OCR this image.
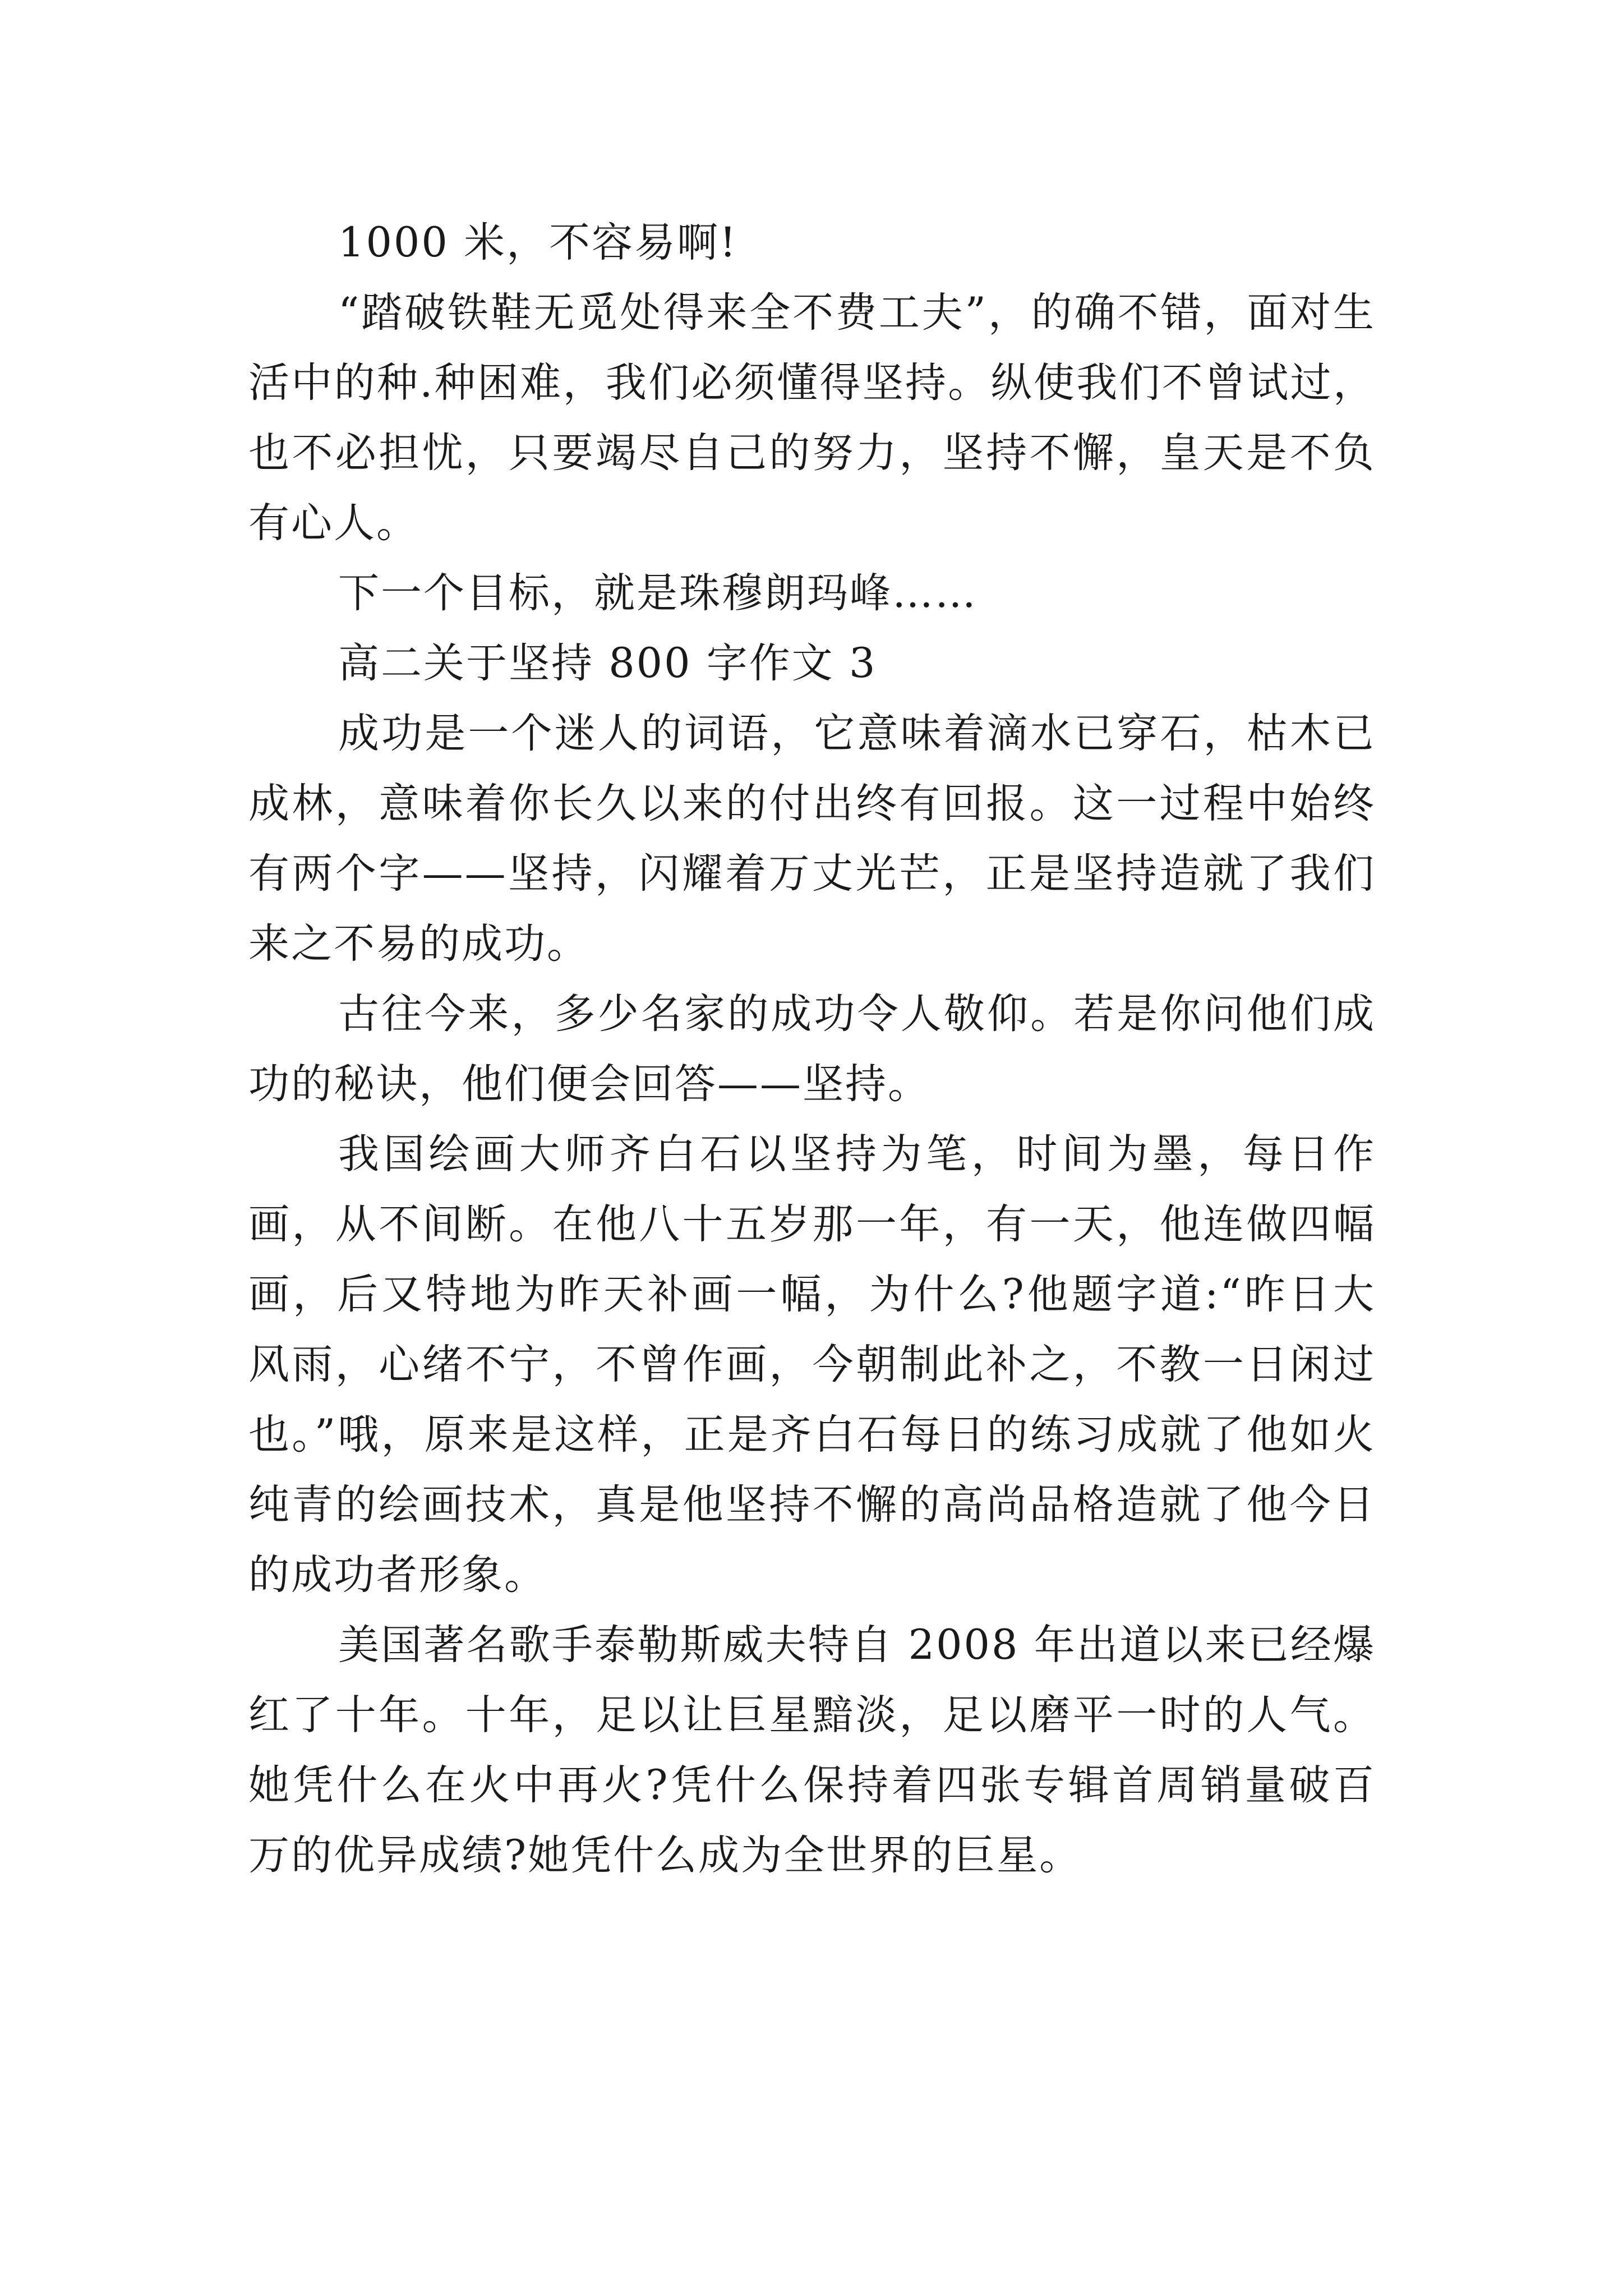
1000 米，不容易啊!

“踏破铁鞋无觅处得来全不费工夫”，的确不错，面对生活中的种.种困难，我们必须懂得坚持。纵使我们不曾试过，也不必担忧，只要竭尽自己的努力，坚持不懈，皇天是不负有心人。

下一个目标，就是珠穆朗玛峰……

高二关于坚持 800 字作文 3

成功是一个迷人的词语，它意味着滴水已穿石，枯木已成林，意味着你长久以来的付出终有回报。这一过程中始终有两个字——坚持，闪耀着万丈光芒，正是坚持造就了我们来之不易的成功。

古往今来，多少名家的成功令人敬仰。若是你问他们成功的秘诀，他们便会回答——坚持。

我国绘画大师齐白石以坚持为笔，时间为墨，每日作画，从不间断。在他八十五岁那一年，有一天，他连做四幅画，后又特地为昨天补画一幅，为什么?他题字道:“昨日大风雨，心绪不宁，不曾作画，今朝制此补之，不教一日闲过也。”哦，原来是这样，正是齐白石每日的练习成就了他如火纯青的绘画技术，真是他坚持不懈的高尚品格造就了他今日的成功者形象。

美国著名歌手泰勒斯威夫特自 2008 年出道以来已经爆红了十年。十年，足以让巨星黯淡，足以磨平一时的人气。她凭什么在火中再火?凭什么保持着四张专辑首周销量破百万的优异成绩?她凭什么成为全世界的巨星。
